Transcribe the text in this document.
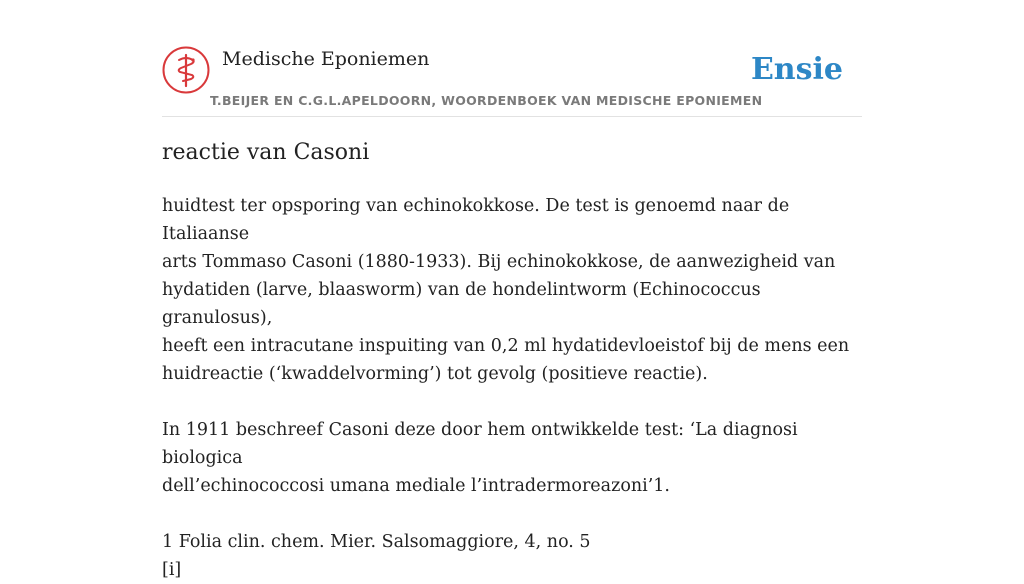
Medische Eponiemen
T.BEIJER EN C.G.L.APELDOORN, WOORDENBOEK VAN MEDISCHE EPONIEMEN
Ensie
reactie van Casoni

huidtest ter opsporing van echinokokkose. De test is genoemd naar de Italiaanse
arts Tommaso Casoni (1880-1933). Bij echinokokkose, de aanwezigheid van
hydatiden (larve, blaasworm) van de hondelintworm (Echinococcus granulosus),
heeft een intracutane inspuiting van 0,2 ml hydatidevloeistof bij de mens een
huidreactie (‘kwaddelvorming’) tot gevolg (positieve reactie).

In 1911 beschreef Casoni deze door hem ontwikkelde test: ‘La diagnosi biologica
dell’echinococcosi umana mediale l’intradermoreazoni’1.

1 Folia clin. chem. Mier. Salsomaggiore, 4, no. 5
[i]
